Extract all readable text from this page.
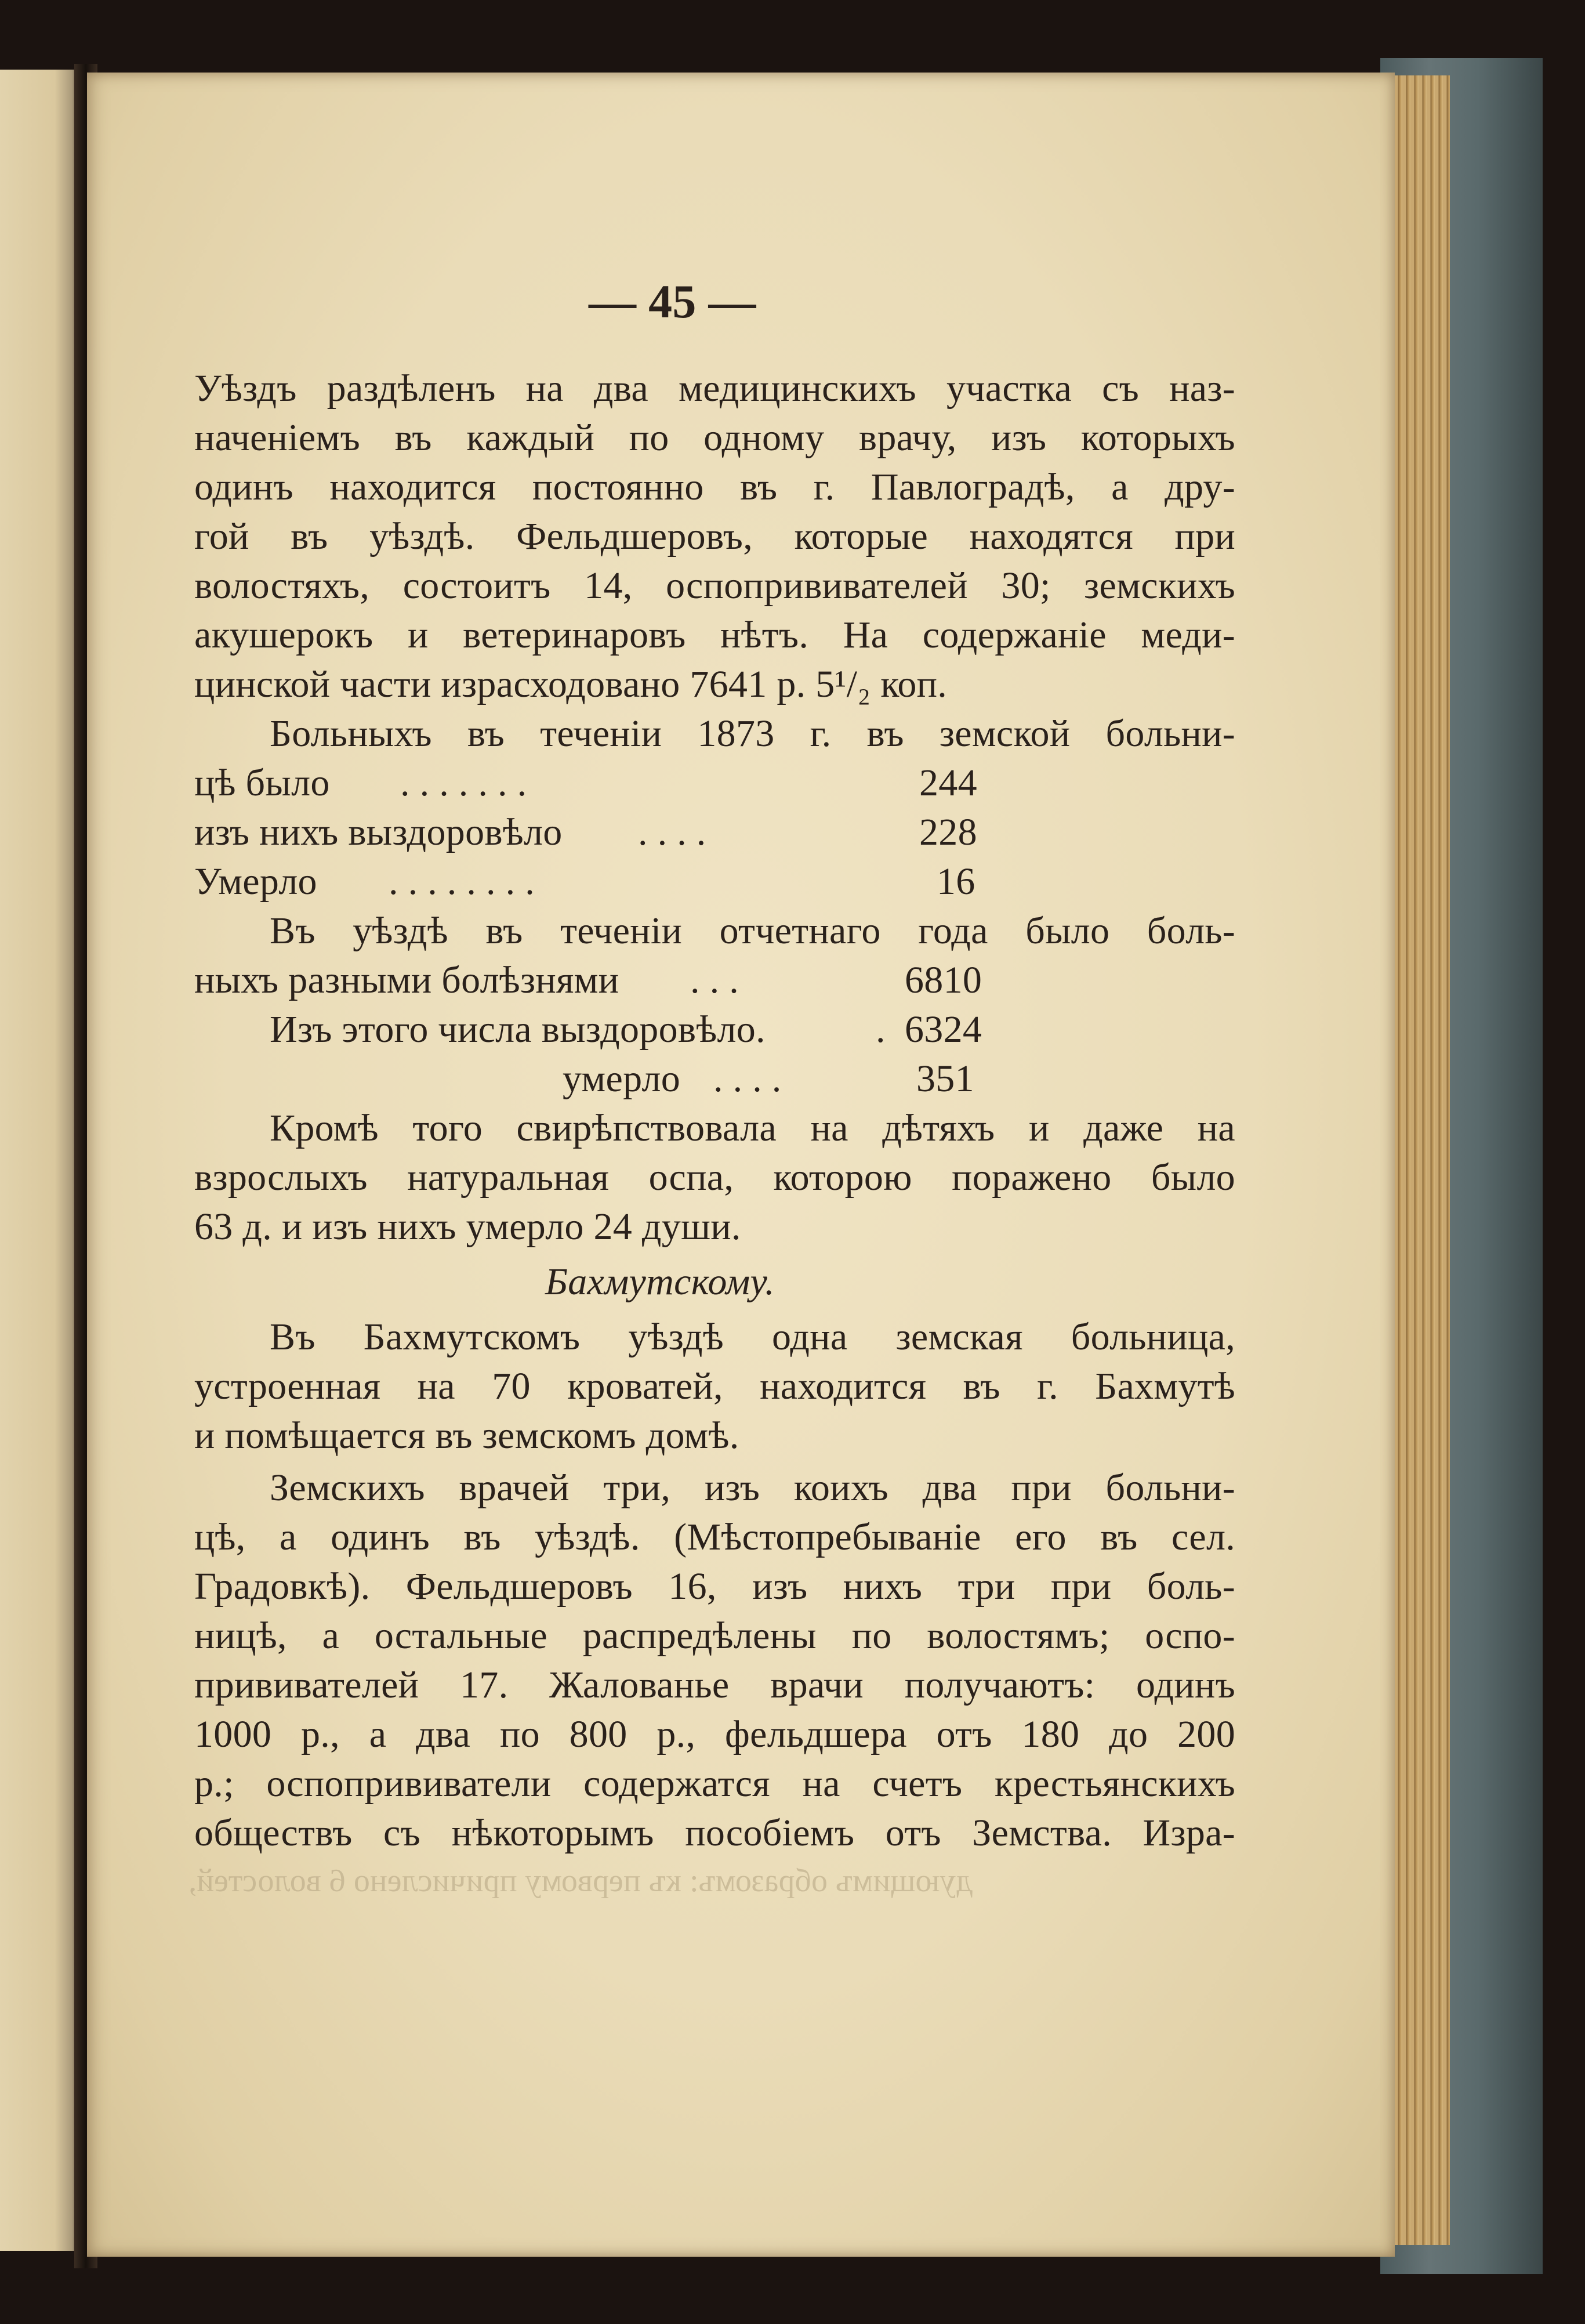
— 45 —
Уѣздъ раздѣленъ на два медицинскихъ участка съ наз-
наченіемъ въ каждый по одному врачу, изъ которыхъ
одинъ находится постоянно въ г. Павлоградѣ, а дру-
гой въ уѣздѣ. Фельдшеровъ, которые находятся при
волостяхъ, состоитъ 14, оспопрививателей 30; земскихъ
акушерокъ и ветеринаровъ нѣтъ. На содержаніе меди-
цинской части израсходовано 7641 р. 5¹/₂ коп.
Больныхъ въ теченіи 1873 г. въ земской больни-
цѣ было . . . . . . .	244
изъ нихъ выздоровѣло . . . .	228
Умерло . . . . . . . .	16
Въ уѣздѣ въ теченіи отчетнаго года было боль-
ныхъ разными болѣзнями . . .	6810
Изъ этого числа выздоровѣло.	. 6324
умерло . . . .	351
Кромѣ того свирѣпствовала на дѣтяхъ и даже на
взрослыхъ натуральная оспа, которою поражено было
63 д. и изъ нихъ умерло 24 души.
Бахмутскому.
Въ Бахмутскомъ уѣздѣ одна земская больница,
устроенная на 70 кроватей, находится въ г. Бахмутѣ
и помѣщается въ земскомъ домѣ.
Земскихъ врачей три, изъ коихъ два при больни-
цѣ, а одинъ въ уѣздѣ. (Мѣстопребываніе его въ сел.
Градовкѣ). Фельдшеровъ 16, изъ нихъ три при боль-
ницѣ, а остальные распредѣлены по волостямъ; оспо-
прививателей 17. Жалованье врачи получаютъ: одинъ
1000 р., а два по 800 р., фельдшера отъ 180 до 200
р.; оспопрививатели содержатся на счетъ крестьянскихъ
обществъ съ нѣкоторымъ пособіемъ отъ Земства. Изра-
дующимъ образомъ: къ первому причислено 6 волостей,
